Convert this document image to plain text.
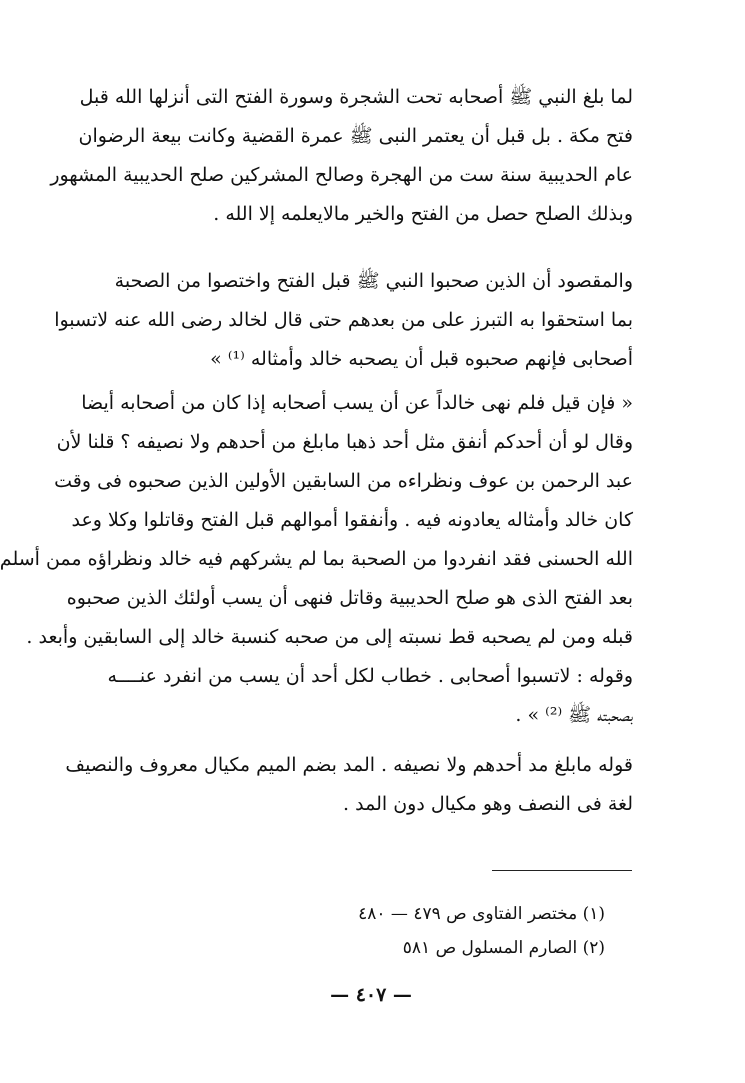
لما بلغ النبي ﷺ أصحابه تحت الشجرة وسورة الفتح التى أنزلها الله قبل
فتح مكة . بل قبل أن يعتمر النبى ﷺ عمرة القضية وكانت بيعة الرضوان
عام الحديبية سنة ست من الهجرة وصالح المشركين صلح الحديبية المشهور
وبذلك الصلح حصل من الفتح والخير مالايعلمه إلا الله .
والمقصود أن الذين صحبوا النبي ﷺ قبل الفتح واختصوا من الصحبة
بما استحقوا به التبرز على من بعدهم حتى قال لخالد رضى الله عنه لاتسبوا
أصحابى فإنهم صحبوه قبل أن يصحبه خالد وأمثاله ⁽¹⁾ »
« فإن قيل فلم نهى خالداً عن أن يسب أصحابه إذا كان من أصحابه أيضا
وقال لو أن أحدكم أنفق مثل أحد ذهبا مابلغ من أحدهم ولا نصيفه ؟ قلنا لأن
عبد الرحمن بن عوف ونظراءه من السابقين الأولين الذين صحبوه فى وقت
كان خالد وأمثاله يعادونه فيه . وأنفقوا أموالهم قبل الفتح وقاتلوا وكلا وعد
الله الحسنى فقد انفردوا من الصحبة بما لم يشركهم فيه خالد ونظراؤه ممن أسلم
بعد الفتح الذى هو صلح الحديبية وقاتل فنهى أن يسب أولئك الذين صحبوه
قبله ومن لم يصحبه قط نسبته إلى من صحبه كنسبة خالد إلى السابقين وأبعد .
وقوله : لاتسبوا أصحابى . خطاب لكل أحد أن يسب من انفرد عنــــه
بصحبته ﷺ ⁽²⁾ » .
قوله مابلغ مد أحدهم ولا نصيفه . المد بضم الميم مكيال معروف والنصيف
لغة فى النصف وهو مكيال دون المد .
(١) مختصر الفتاوى ص ٤٧٩ — ٤٨٠
(٢) الصارم المسلول ص ٥٨١
— ٤٠٧ —
